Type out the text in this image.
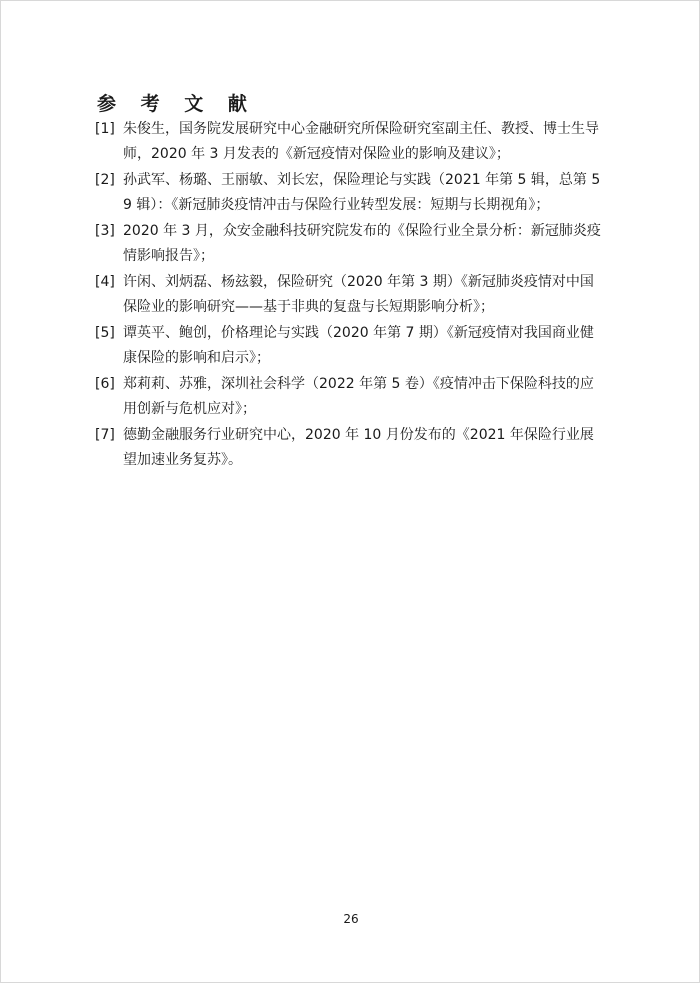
参 考 文 献
[1] 朱俊生，国务院发展研究中心金融研究所保险研究室副主任、教授、博士生导师，2020 年 3 月发表的《新冠疫情对保险业的影响及建议》；
[2] 孙武军、杨璐、王丽敏、刘长宏，保险理论与实践（2021 年第 5 辑，总第 59 辑）：《新冠肺炎疫情冲击与保险行业转型发展：短期与长期视角》；
[3] 2020 年 3 月，众安金融科技研究院发布的《保险行业全景分析：新冠肺炎疫情影响报告》；
[4] 许闲、刘炳磊、杨玆毅，保险研究（2020 年第 3 期）《新冠肺炎疫情对中国保险业的影响研究——基于非典的复盘与长短期影响分析》；
[5] 谭英平、鲍创，价格理论与实践（2020 年第 7 期）《新冠疫情对我国商业健康保险的影响和启示》；
[6] 郑莉莉、苏雅，深圳社会科学（2022 年第 5 卷）《疫情冲击下保险科技的应用创新与危机应对》；
[7] 德勤金融服务行业研究中心，2020 年 10 月份发布的《2021 年保险行业展望加速业务复苏》。
26
